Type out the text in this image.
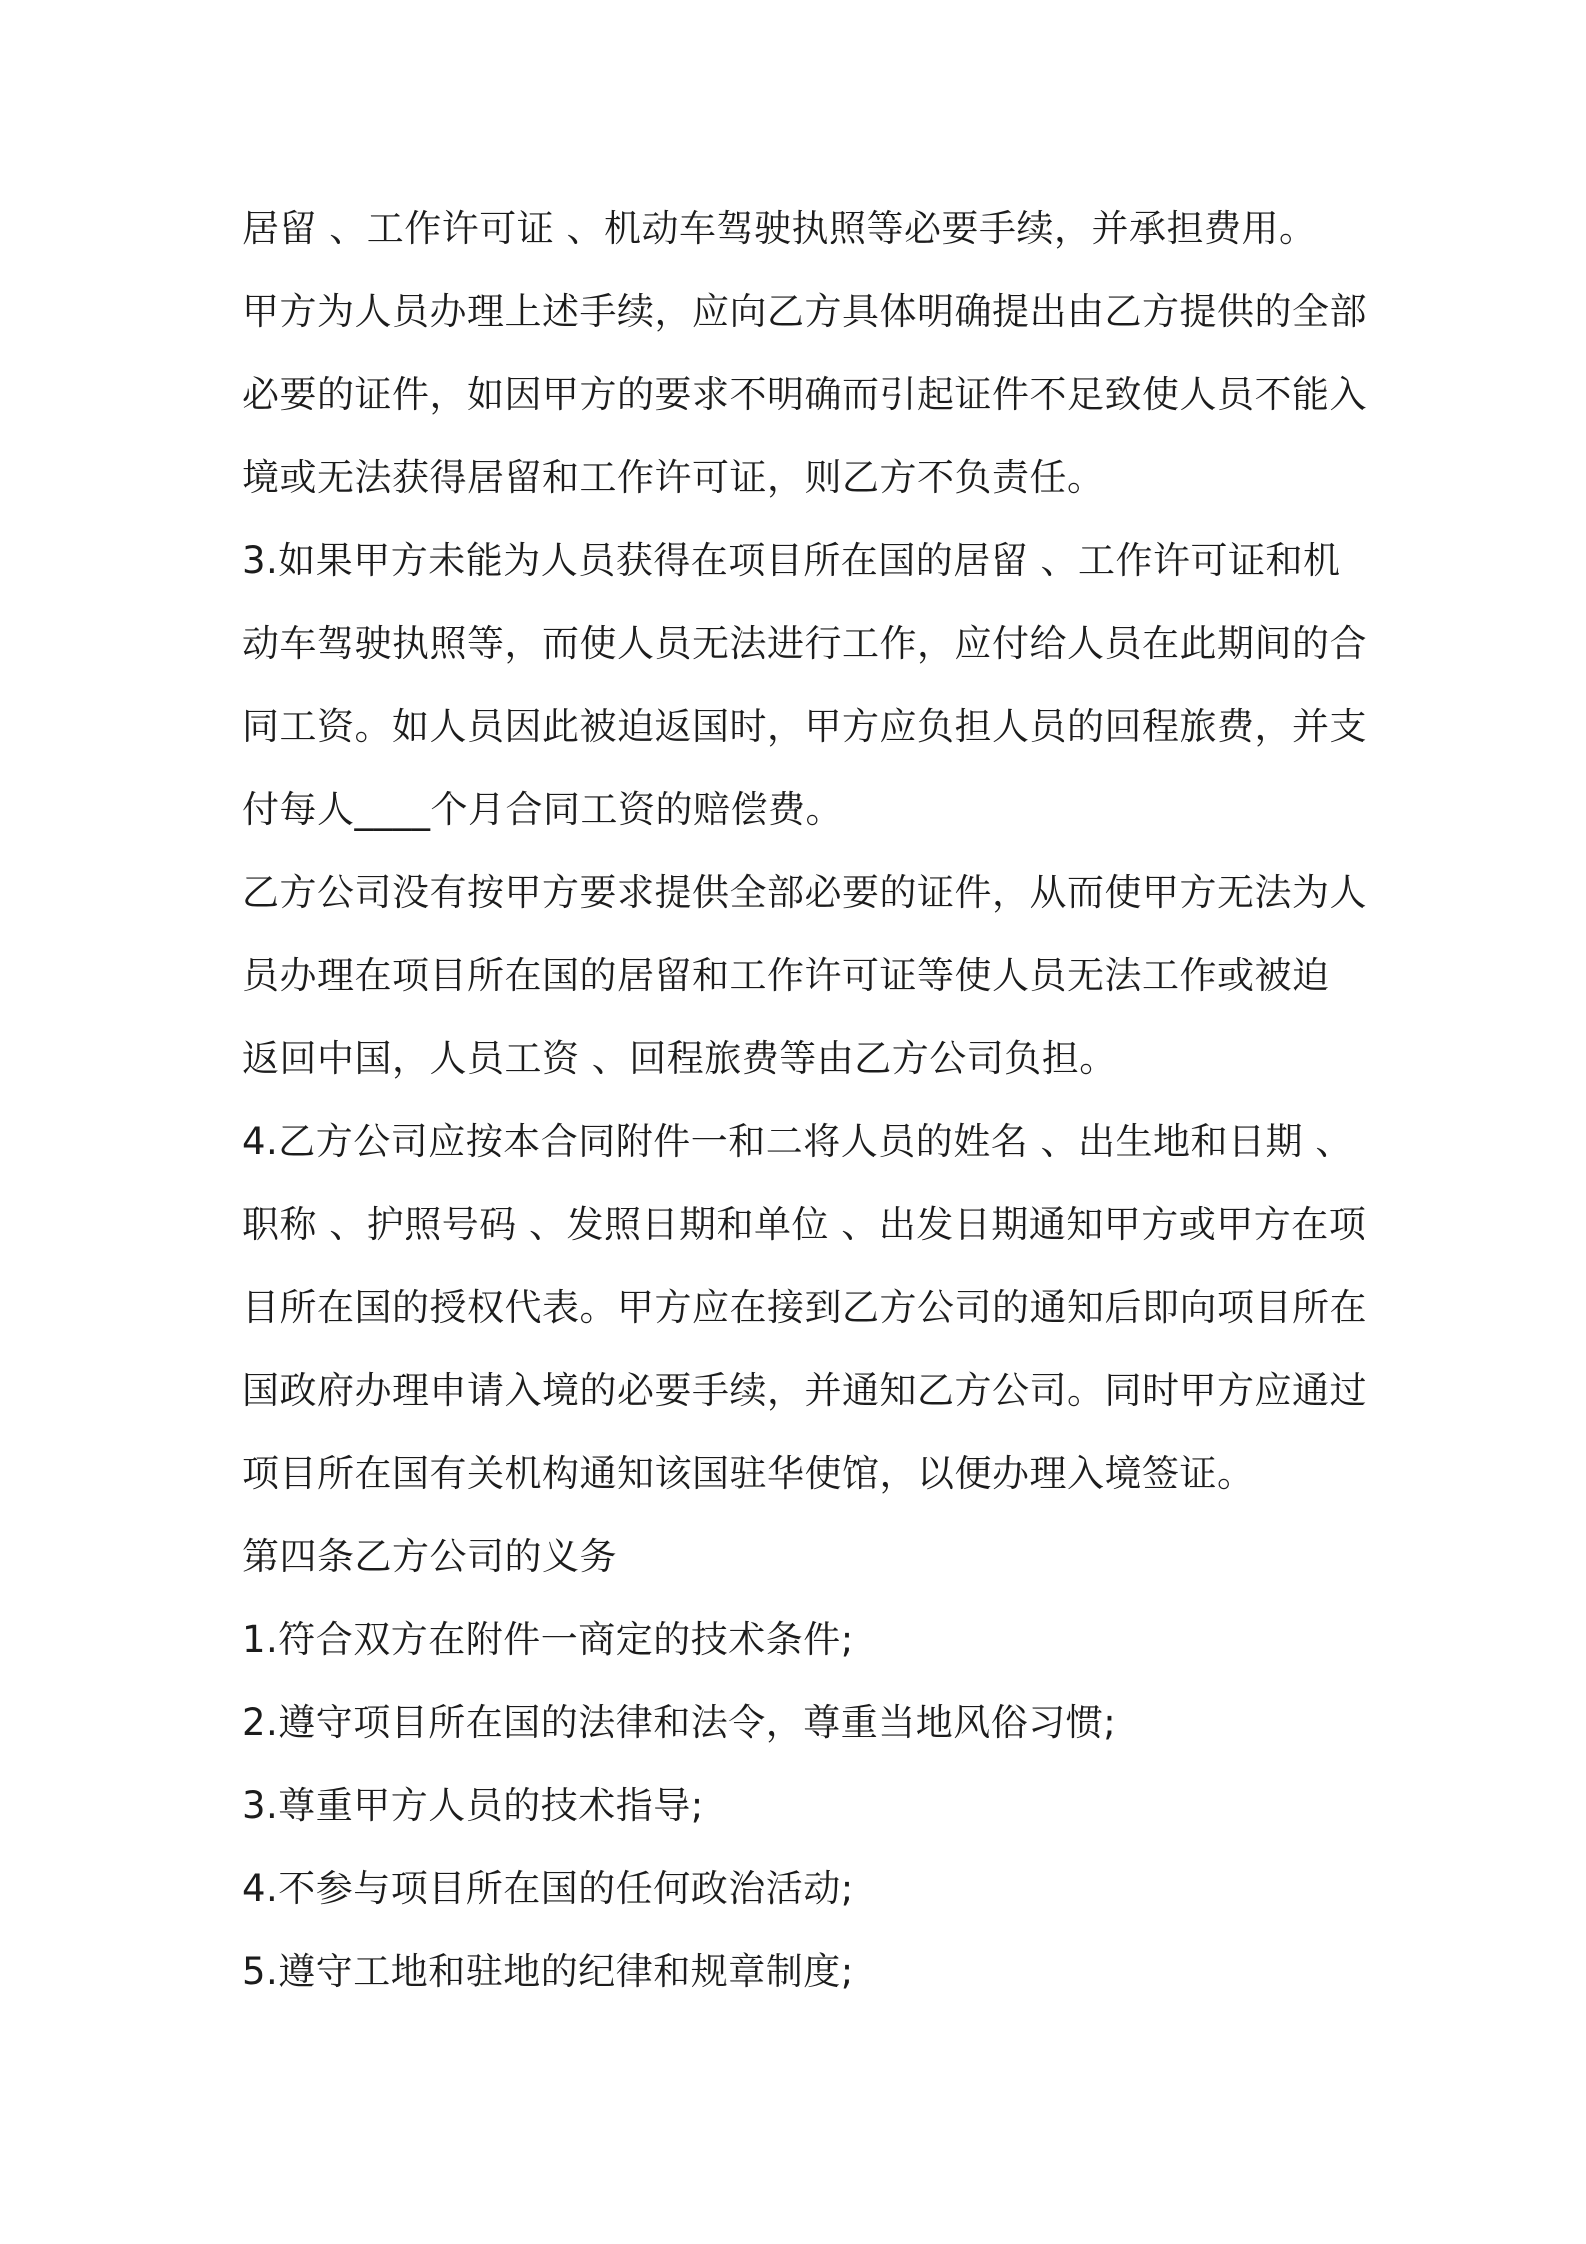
居留 、工作许可证 、机动车驾驶执照等必要手续，并承担费用。
甲方为人员办理上述手续，应向乙方具体明确提出由乙方提供的全部
必要的证件，如因甲方的要求不明确而引起证件不足致使人员不能入
境或无法获得居留和工作许可证，则乙方不负责任。
3.如果甲方未能为人员获得在项目所在国的居留 、工作许可证和机
动车驾驶执照等，而使人员无法进行工作，应付给人员在此期间的合
同工资。如人员因此被迫返国时，甲方应负担人员的回程旅费，并支
付每人____个月合同工资的赔偿费。
乙方公司没有按甲方要求提供全部必要的证件，从而使甲方无法为人
员办理在项目所在国的居留和工作许可证等使人员无法工作或被迫
返回中国，人员工资 、回程旅费等由乙方公司负担。
4.乙方公司应按本合同附件一和二将人员的姓名 、出生地和日期 、
职称 、护照号码 、发照日期和单位 、出发日期通知甲方或甲方在项
目所在国的授权代表。甲方应在接到乙方公司的通知后即向项目所在
国政府办理申请入境的必要手续，并通知乙方公司。同时甲方应通过
项目所在国有关机构通知该国驻华使馆，以便办理入境签证。
第四条乙方公司的义务
1.符合双方在附件一商定的技术条件;
2.遵守项目所在国的法律和法令，尊重当地风俗习惯;
3.尊重甲方人员的技术指导;
4.不参与项目所在国的任何政治活动;
5.遵守工地和驻地的纪律和规章制度;
